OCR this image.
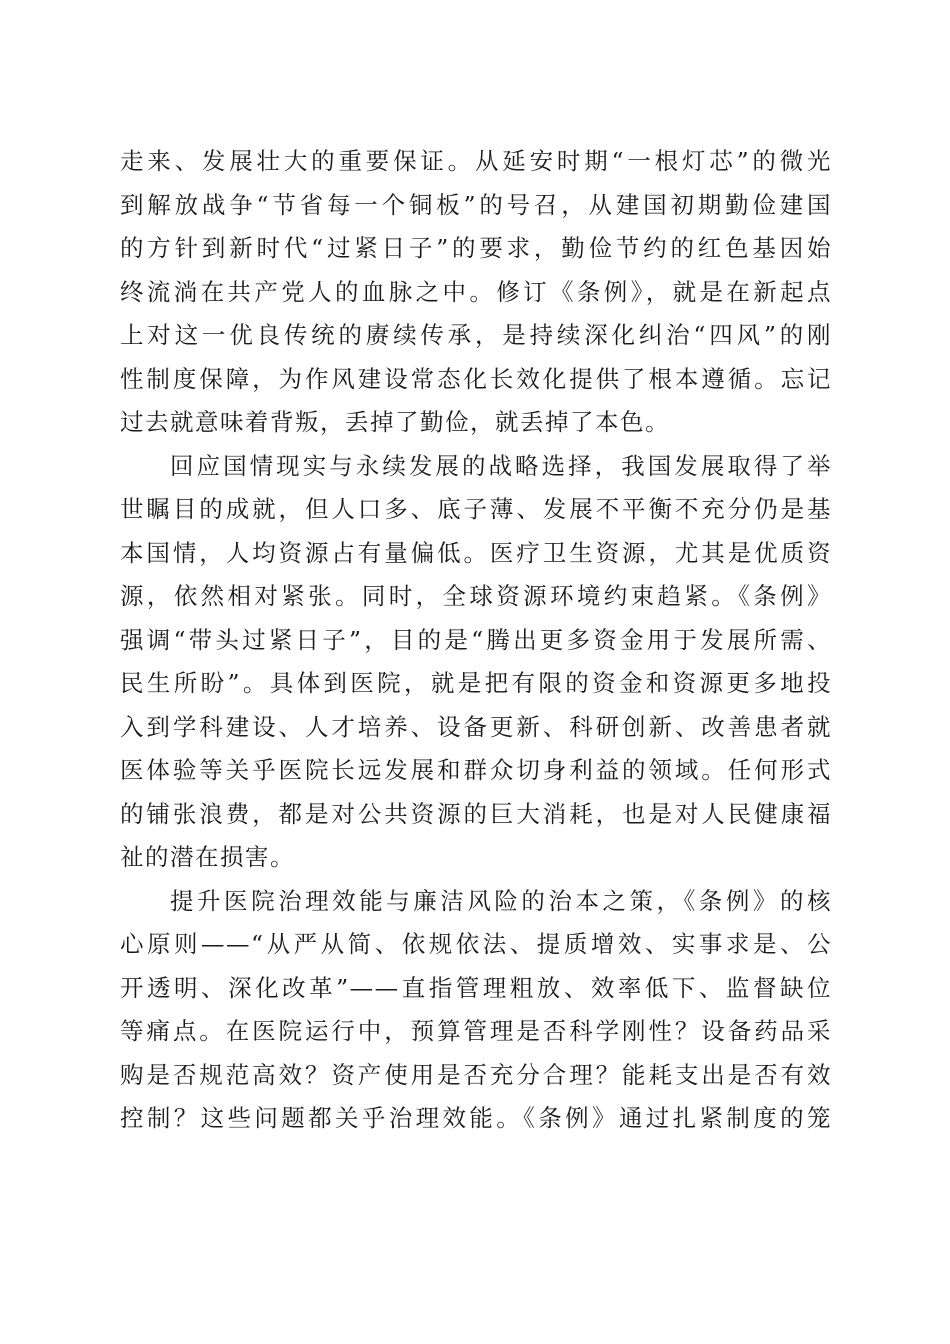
走来、发展壮大的重要保证。从延安时期“一根灯芯”的微光
到解放战争“节省每一个铜板”的号召，从建国初期勤俭建国
的方针到新时代“过紧日子”的要求，勤俭节约的红色基因始
终流淌在共产党人的血脉之中。修订《条例》，就是在新起点
上对这一优良传统的赓续传承，是持续深化纠治“四风”的刚
性制度保障，为作风建设常态化长效化提供了根本遵循。忘记
过去就意味着背叛，丢掉了勤俭，就丢掉了本色。
回应国情现实与永续发展的战略选择，我国发展取得了举
世瞩目的成就，但人口多、底子薄、发展不平衡不充分仍是基
本国情，人均资源占有量偏低。医疗卫生资源，尤其是优质资
源，依然相对紧张。同时，全球资源环境约束趋紧。《条例》
强调“带头过紧日子”，目的是“腾出更多资金用于发展所需、
民生所盼”。具体到医院，就是把有限的资金和资源更多地投
入到学科建设、人才培养、设备更新、科研创新、改善患者就
医体验等关乎医院长远发展和群众切身利益的领域。任何形式
的铺张浪费，都是对公共资源的巨大消耗，也是对人民健康福
祉的潜在损害。
提升医院治理效能与廉洁风险的治本之策，《条例》的核
心原则——“从严从简、依规依法、提质增效、实事求是、公
开透明、深化改革”——直指管理粗放、效率低下、监督缺位
等痛点。在医院运行中，预算管理是否科学刚性？设备药品采
购是否规范高效？资产使用是否充分合理？能耗支出是否有效
控制？这些问题都关乎治理效能。《条例》通过扎紧制度的笼
